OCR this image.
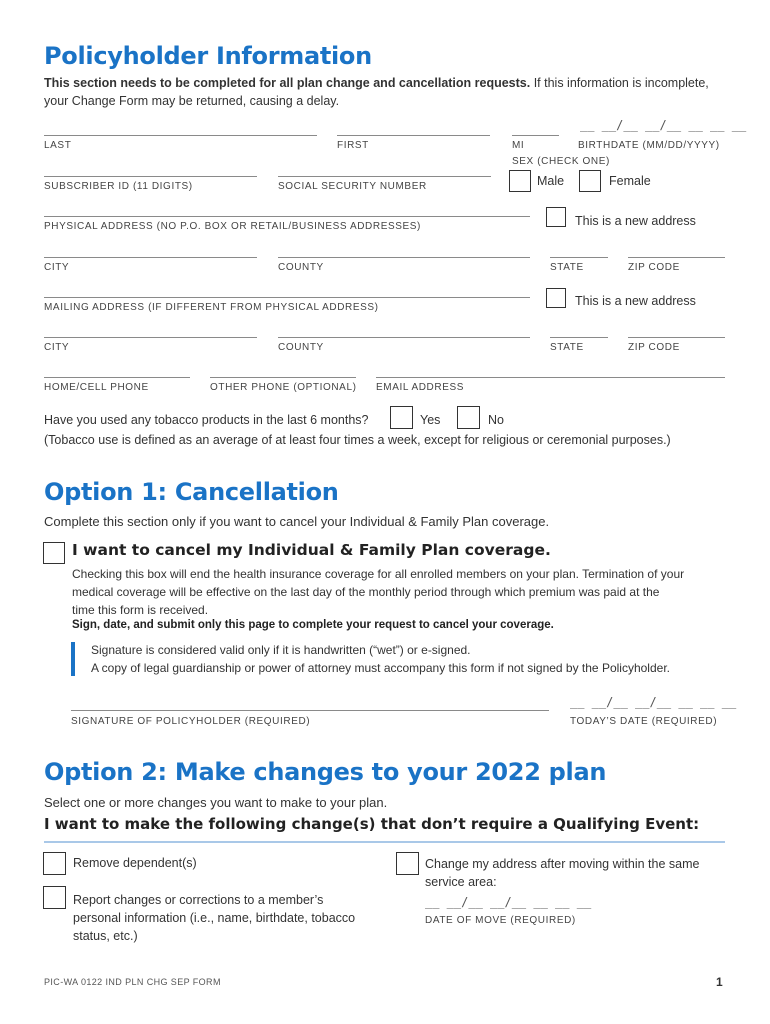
Policyholder Information
This section needs to be completed for all plan change and cancellation requests. If this information is incomplete,
your Change Form may be returned, causing a delay.
LAST	FIRST	MI
__ __/__ __/__ __ __ __
BIRTHDATE (MM/DD/YYYY)
SEX (CHECK ONE)
Male	Female
SUBSCRIBER ID (11 DIGITS)	SOCIAL SECURITY NUMBER
PHYSICAL ADDRESS (NO P.O. BOX OR RETAIL/BUSINESS ADDRESSES)	This is a new address
CITY	COUNTY	STATE	ZIP CODE
MAILING ADDRESS (IF DIFFERENT FROM PHYSICAL ADDRESS)	This is a new address
CITY	COUNTY	STATE	ZIP CODE
HOME/CELL PHONE	OTHER PHONE (OPTIONAL) EMAIL ADDRESS
Have you used any tobacco products in the last 6 months?	Yes	No
(Tobacco use is defined as an average of at least four times a week, except for religious or ceremonial purposes.)
Option 1: Cancellation
Complete this section only if you want to cancel your Individual & Family Plan coverage.
I want to cancel my Individual & Family Plan coverage.
Checking this box will end the health insurance coverage for all enrolled members on your plan. Termination of your
medical coverage will be effective on the last day of the monthly period through which premium was paid at the
time this form is received.
Sign, date, and submit only this page to complete your request to cancel your coverage.
Signature is considered valid only if it is handwritten (“wet”) or e-signed.
A copy of legal guardianship or power of attorney must accompany this form if not signed by the Policyholder.
SIGNATURE OF POLICYHOLDER (REQUIRED)
__ __/__ __/__ __ __ __
TODAY’S DATE (REQUIRED)
Option 2: Make changes to your 2022 plan
Select one or more changes you want to make to your plan.
I want to make the following change(s) that don’t require a Qualifying Event:
Remove dependent(s)
Report changes or corrections to a member’s
personal information (i.e., name, birthdate, tobacco
status, etc.)
Change my address after moving within the same
service area:
__ __/__ __/__ __ __ __
DATE OF MOVE (REQUIRED)
PIC-WA 0122 IND PLN CHG SEP FORM	1
